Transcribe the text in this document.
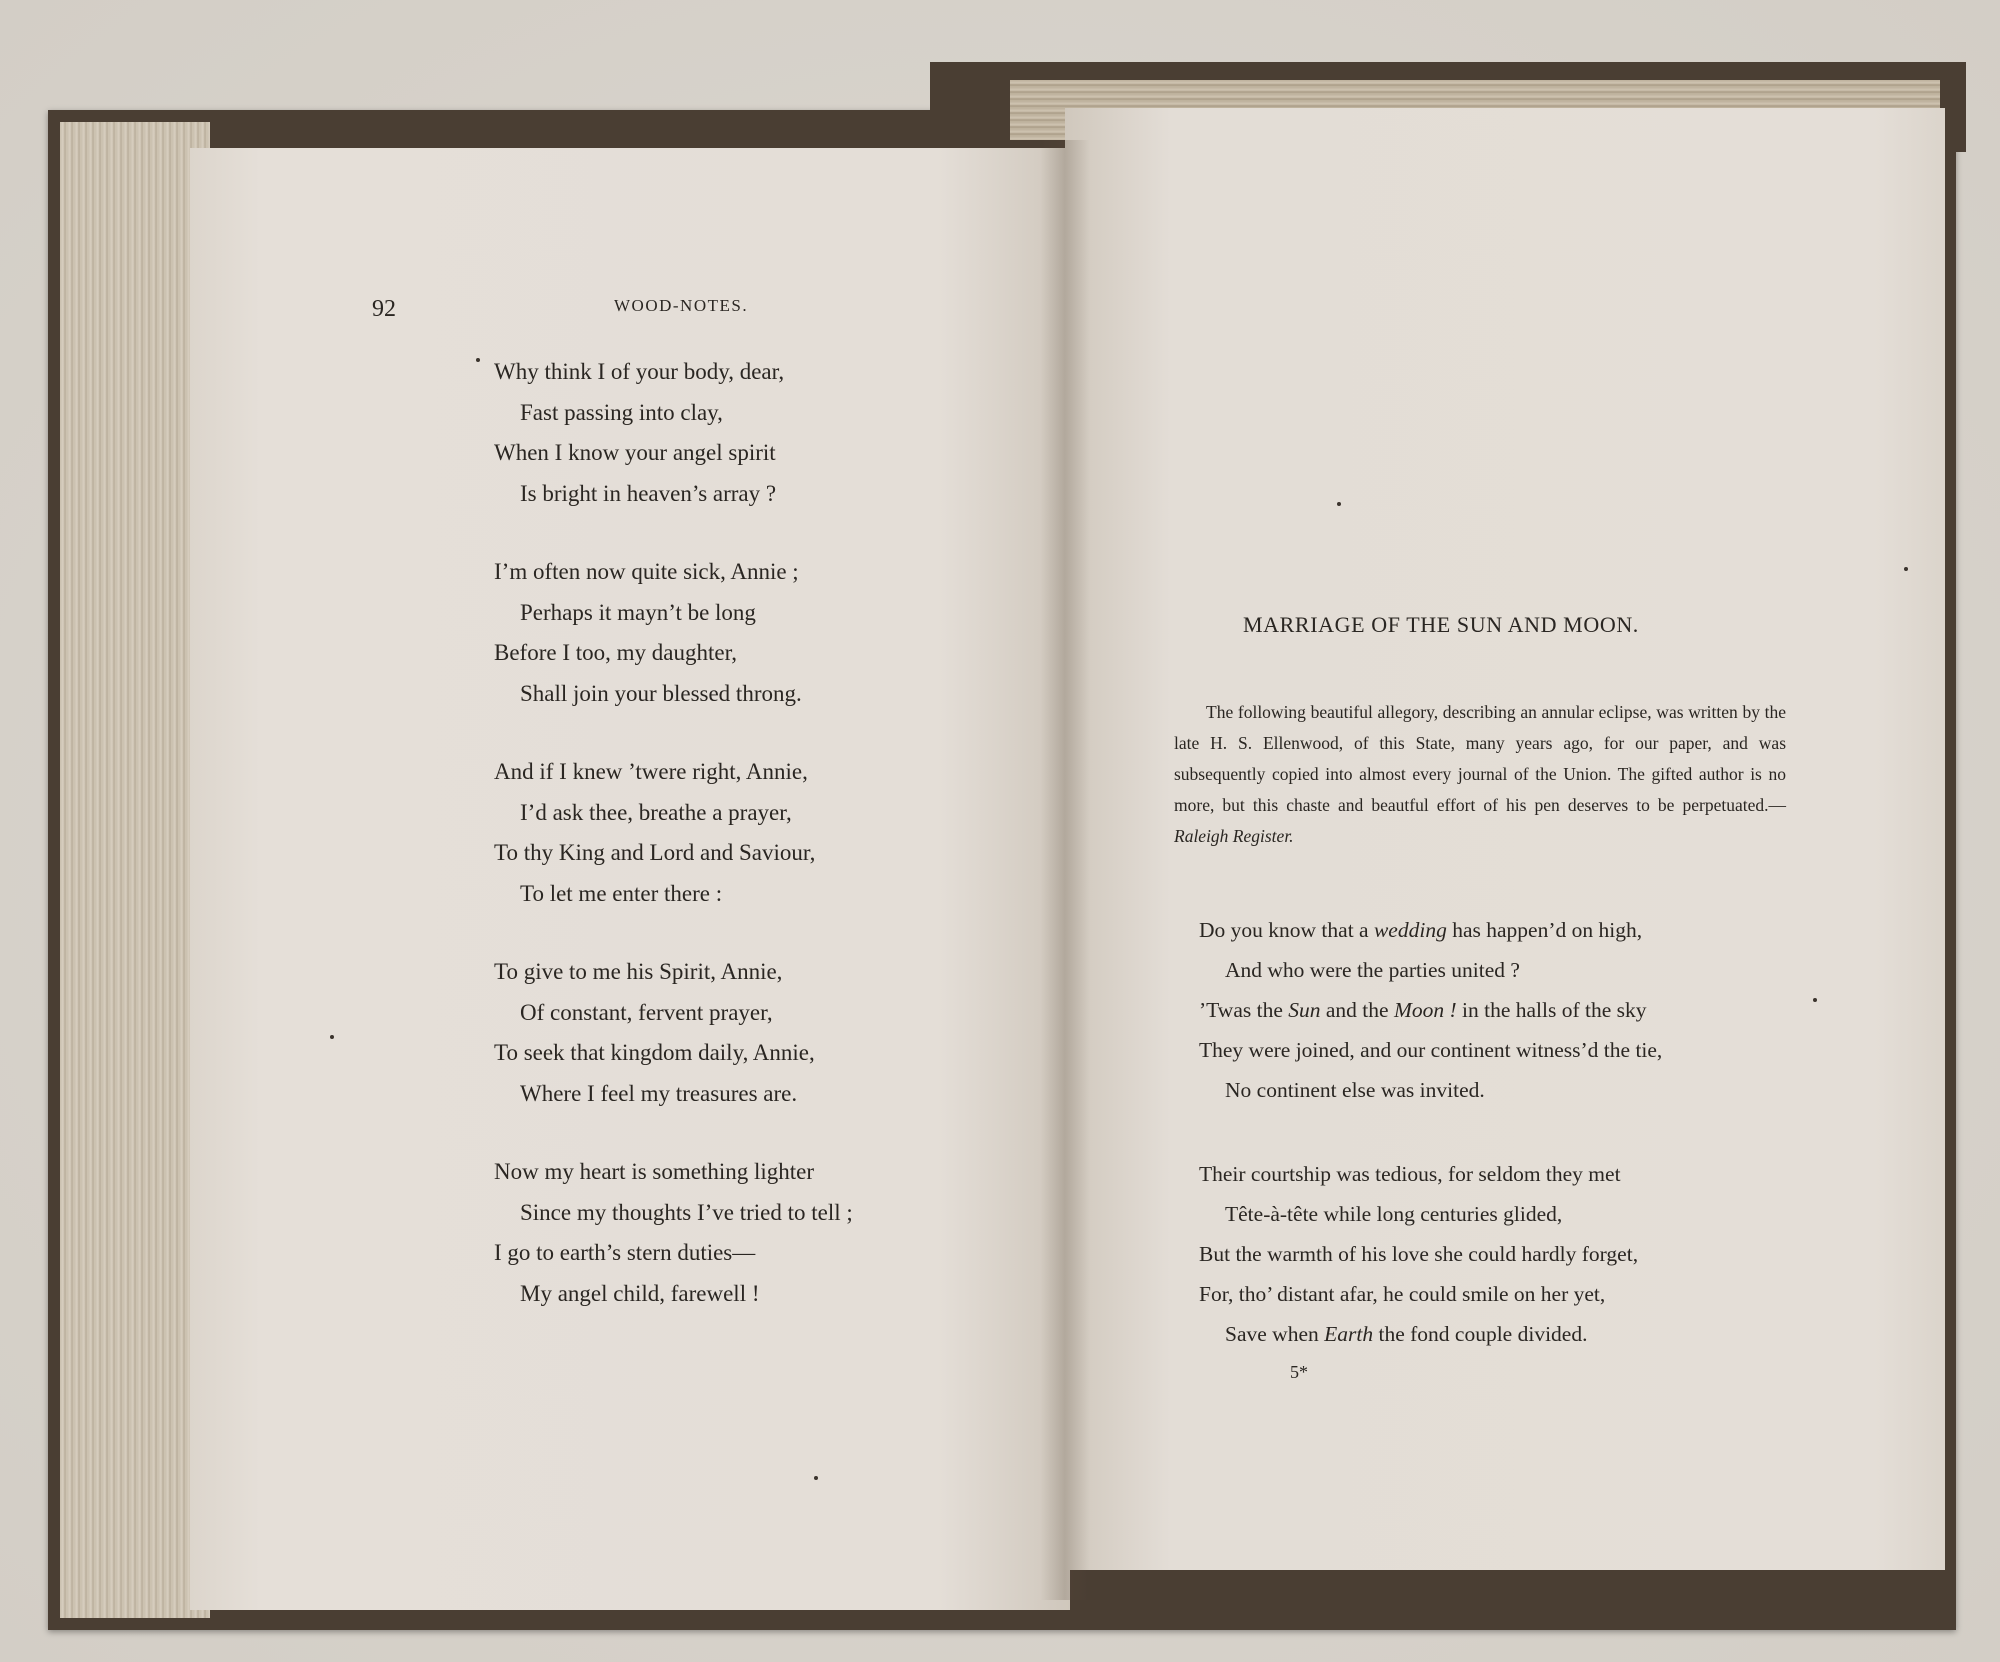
92	WOOD-NOTES.
Why think I of your body, dear,
Fast passing into clay,
When I know your angel spirit
Is bright in heaven’s array ?
I’m often now quite sick, Annie ;
Perhaps it mayn’t be long
Before I too, my daughter,
Shall join your blessed throng.
And if I knew ’twere right, Annie,
I’d ask thee, breathe a prayer,
To thy King and Lord and Saviour,
To let me enter there :
To give to me his Spirit, Annie,
Of constant, fervent prayer,
To seek that kingdom daily, Annie,
Where I feel my treasures are.
Now my heart is something lighter
Since my thoughts I’ve tried to tell ;
I go to earth’s stern duties—
My angel child, farewell !
MARRIAGE OF THE SUN AND MOON.
The following beautiful allegory, describing an annular eclipse, was written by the late H. S. Ellenwood, of this State, many years ago, for our paper, and was subsequently copied into almost every journal of the Union. The gifted author is no more, but this chaste and beautful effort of his pen deserves to be perpetuated.—Raleigh Register.
Do you know that a wedding has happen’d on high,
And who were the parties united ?
’Twas the Sun and the Moon ! in the halls of the sky
They were joined, and our continent witness’d the tie,
No continent else was invited.
Their courtship was tedious, for seldom they met
Tête-à-tête while long centuries glided,
But the warmth of his love she could hardly forget,
For, tho’ distant afar, he could smile on her yet,
Save when Earth the fond couple divided.
5*
